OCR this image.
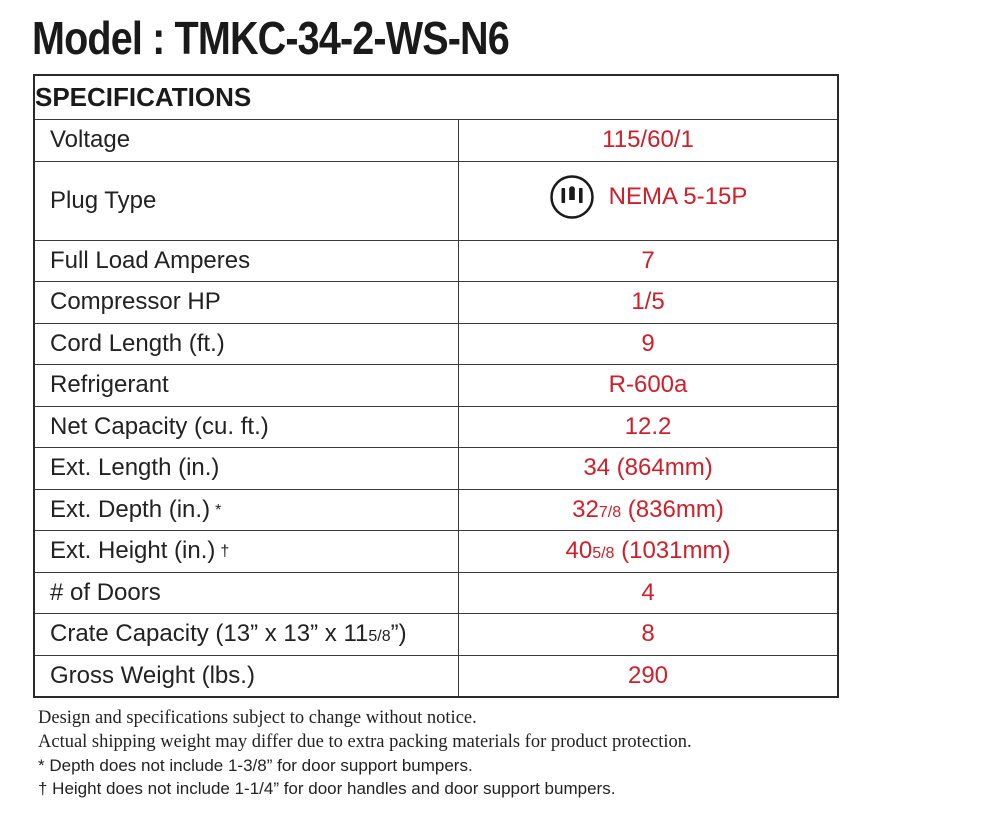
Model : TMKC-34-2-WS-N6
SPECIFICATIONS	
Voltage	115/60/1
Plug Type	NEMA 5-15P

Full Load Amperes	7
Compressor HP	1/5
Cord Length (ft.)	9
Refrigerant	R-600a
Net Capacity (cu. ft.)	12.2
Ext. Length (in.)	34 (864mm)
Ext. Depth (in.) *	327/8 (836mm)
Ext. Height (in.) †	405/8 (1031mm)
# of Doors	4
Crate Capacity (13” x 13” x 115/8”)	8
Gross Weight (lbs.)	290
Design and specifications subject to change without notice.
Actual shipping weight may differ due to extra packing materials for product protection.
* Depth does not include 1-3/8” for door support bumpers.
† Height does not include 1-1/4” for door handles and door support bumpers.
